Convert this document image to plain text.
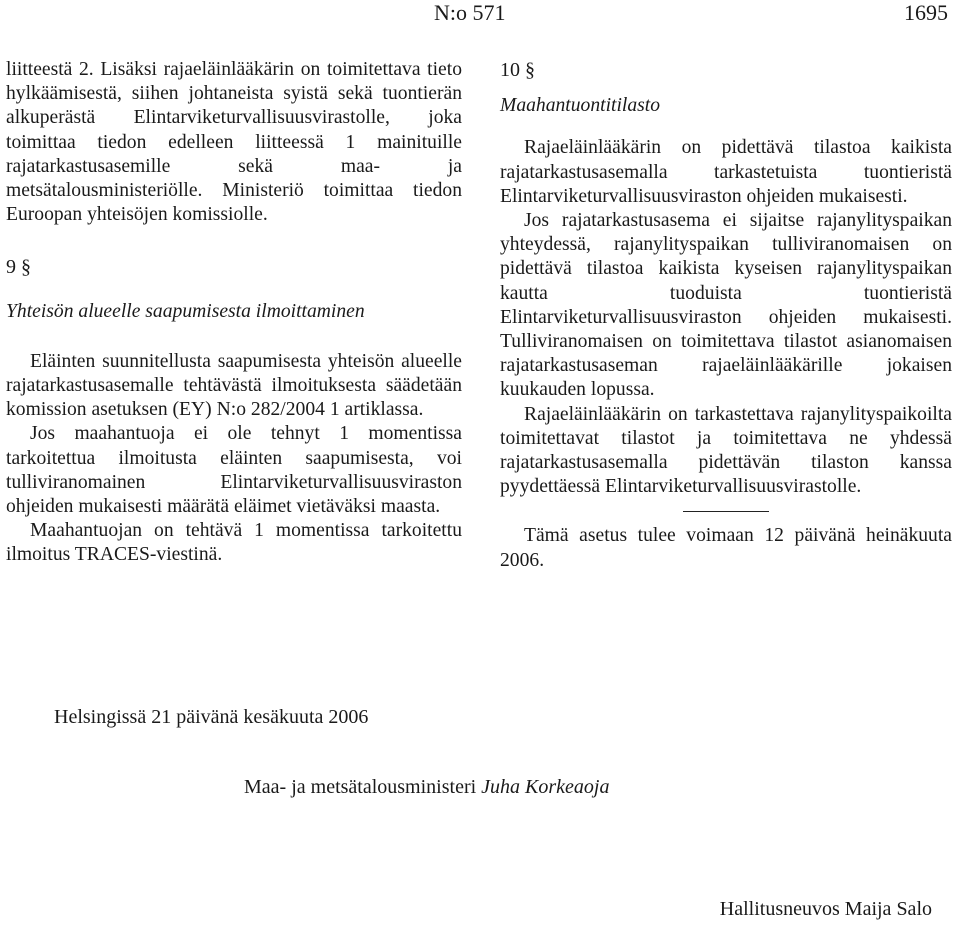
N:o 571	1695

liitteestä 2. Lisäksi rajaeläinlääkärin on toimitettava tieto hylkäämisestä, siihen johtaneista syistä sekä tuontierän alkuperästä Elintarviketurvallisuusvirastolle, joka toimittaa tiedon edelleen liitteessä 1 mainituille rajatarkastusasemille sekä maa- ja metsätalousministeriölle. Ministeriö toimittaa tiedon Euroopan yhteisöjen komissiolle.

9 §

Yhteisön alueelle saapumisesta ilmoittaminen

Eläinten suunnitellusta saapumisesta yhteisön alueelle rajatarkastusasemalle tehtävästä ilmoituksesta säädetään komission asetuksen (EY) N:o 282/2004 1 artiklassa.

Jos maahantuoja ei ole tehnyt 1 momentissa tarkoitettua ilmoitusta eläinten saapumisesta, voi tulliviranomainen Elintarviketurvallisuusviraston ohjeiden mukaisesti määrätä eläimet vietäväksi maasta.

Maahantuojan on tehtävä 1 momentissa tarkoitettu ilmoitus TRACES-viestinä.

10 §

Maahantuontitilasto

Rajaeläinlääkärin on pidettävä tilastoa kaikista rajatarkastusasemalla tarkastetuista tuontieristä Elintarviketurvallisuusviraston ohjeiden mukaisesti.

Jos rajatarkastusasema ei sijaitse rajanylityspaikan yhteydessä, rajanylityspaikan tulliviranomaisen on pidettävä tilastoa kaikista kyseisen rajanylityspaikan kautta tuoduista tuontieristä Elintarviketurvallisuusviraston ohjeiden mukaisesti. Tulliviranomaisen on toimitettava tilastot asianomaisen rajatarkastusaseman rajaeläinlääkärille jokaisen kuukauden lopussa.

Rajaeläinlääkärin on tarkastettava rajanylityspaikoilta toimitettavat tilastot ja toimitettava ne yhdessä rajatarkastusasemalla pidettävän tilaston kanssa pyydettäessä Elintarviketurvallisuusvirastolle.

Tämä asetus tulee voimaan 12 päivänä heinäkuuta 2006.

Helsingissä 21 päivänä kesäkuuta 2006
Maa- ja metsätalousministeri Juha Korkeaoja
Hallitusneuvos Maija Salo
